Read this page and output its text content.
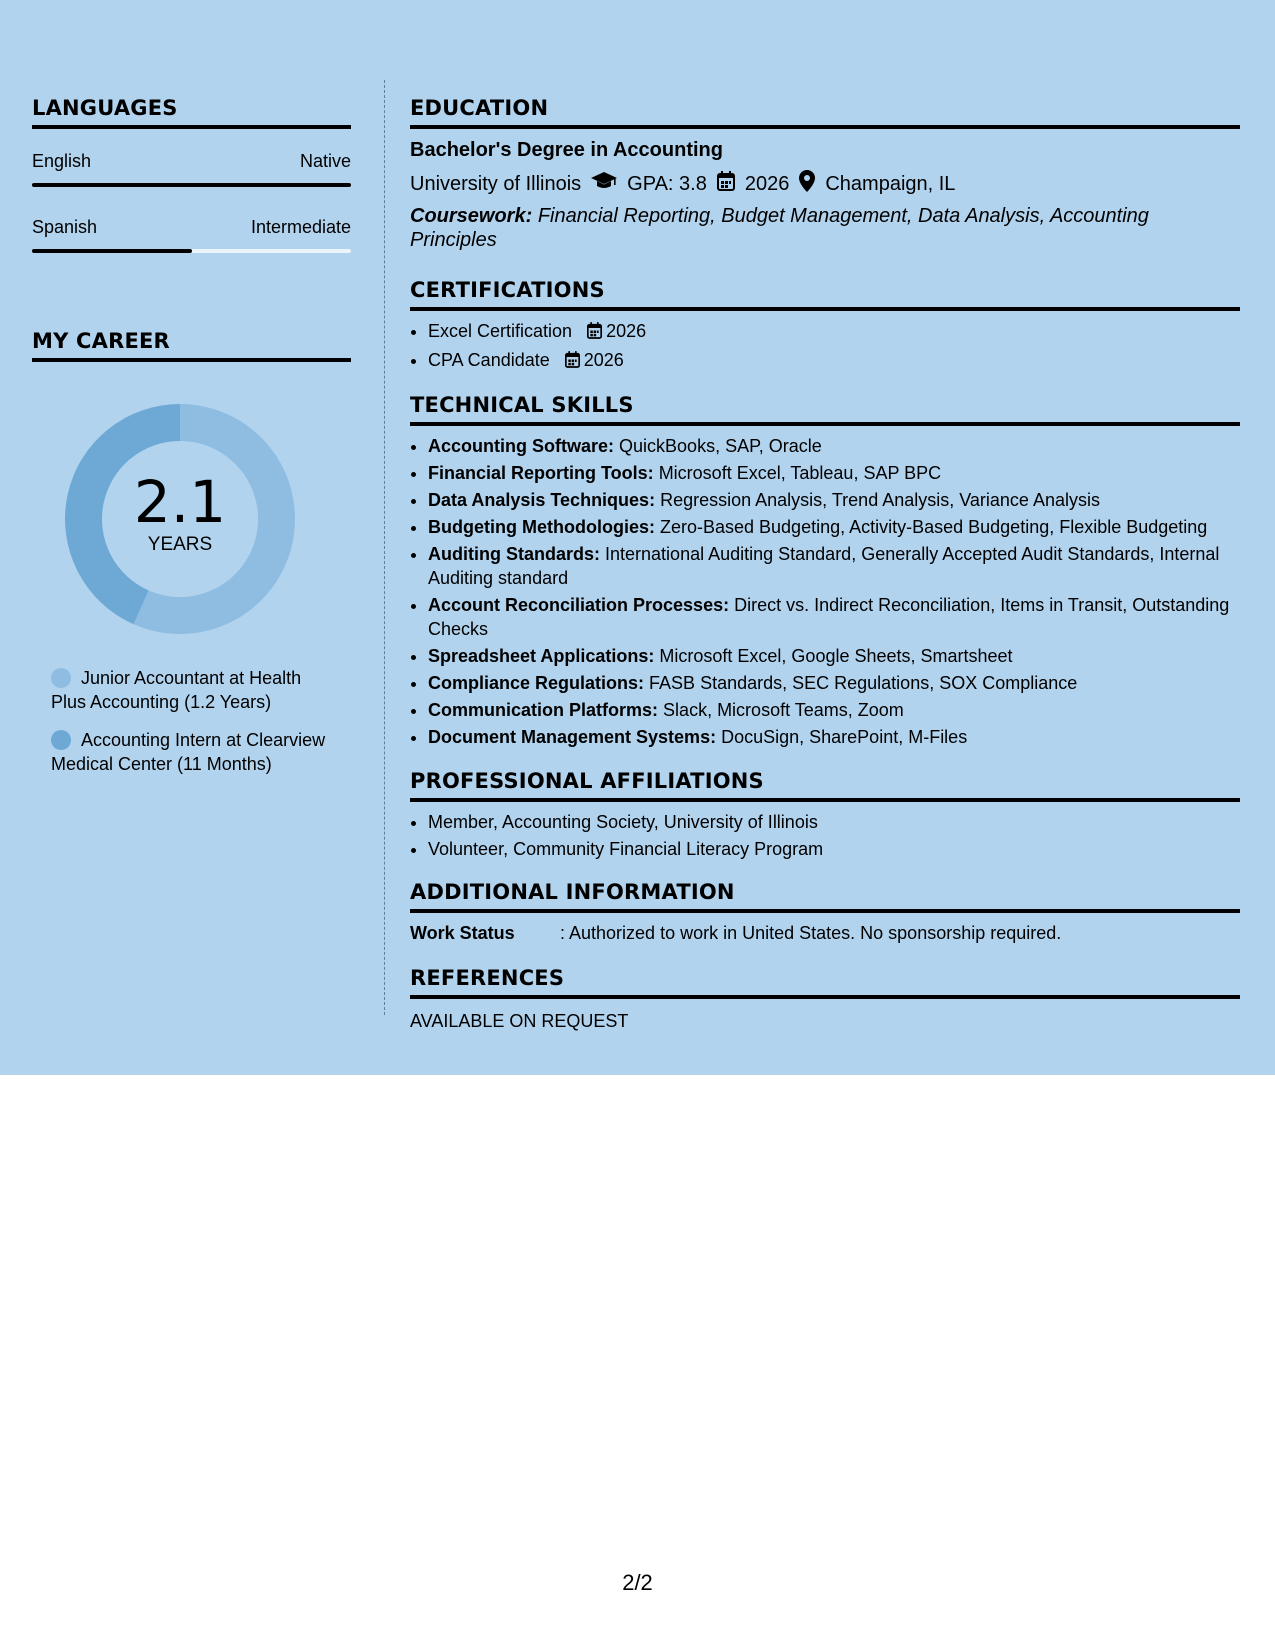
LANGUAGES
English	Native
Spanish	Intermediate
MY CAREER
2.1
YEARS
Junior Accountant at Health Plus Accounting (1.2 Years)
Accounting Intern at Clearview Medical Center (11 Months)
EDUCATION
Bachelor's Degree in Accounting
University of Illinois GPA: 3.8 2026 Champaign, IL
Coursework: Financial Reporting, Budget Management, Data Analysis, Accounting Principles
CERTIFICATIONS
• Excel Certification 2026
• CPA Candidate 2026
TECHNICAL SKILLS
• Accounting Software: QuickBooks, SAP, Oracle
• Financial Reporting Tools: Microsoft Excel, Tableau, SAP BPC
• Data Analysis Techniques: Regression Analysis, Trend Analysis, Variance Analysis
• Budgeting Methodologies: Zero-Based Budgeting, Activity-Based Budgeting, Flexible Budgeting
• Auditing Standards: International Auditing Standard, Generally Accepted Audit Standards, Internal Auditing standard
• Account Reconciliation Processes: Direct vs. Indirect Reconciliation, Items in Transit, Outstanding Checks
• Spreadsheet Applications: Microsoft Excel, Google Sheets, Smartsheet
• Compliance Regulations: FASB Standards, SEC Regulations, SOX Compliance
• Communication Platforms: Slack, Microsoft Teams, Zoom
• Document Management Systems: DocuSign, SharePoint, M-Files
PROFESSIONAL AFFILIATIONS
• Member, Accounting Society, University of Illinois
• Volunteer, Community Financial Literacy Program
ADDITIONAL INFORMATION
Work Status	: Authorized to work in United States. No sponsorship required.
REFERENCES
AVAILABLE ON REQUEST
2/2
